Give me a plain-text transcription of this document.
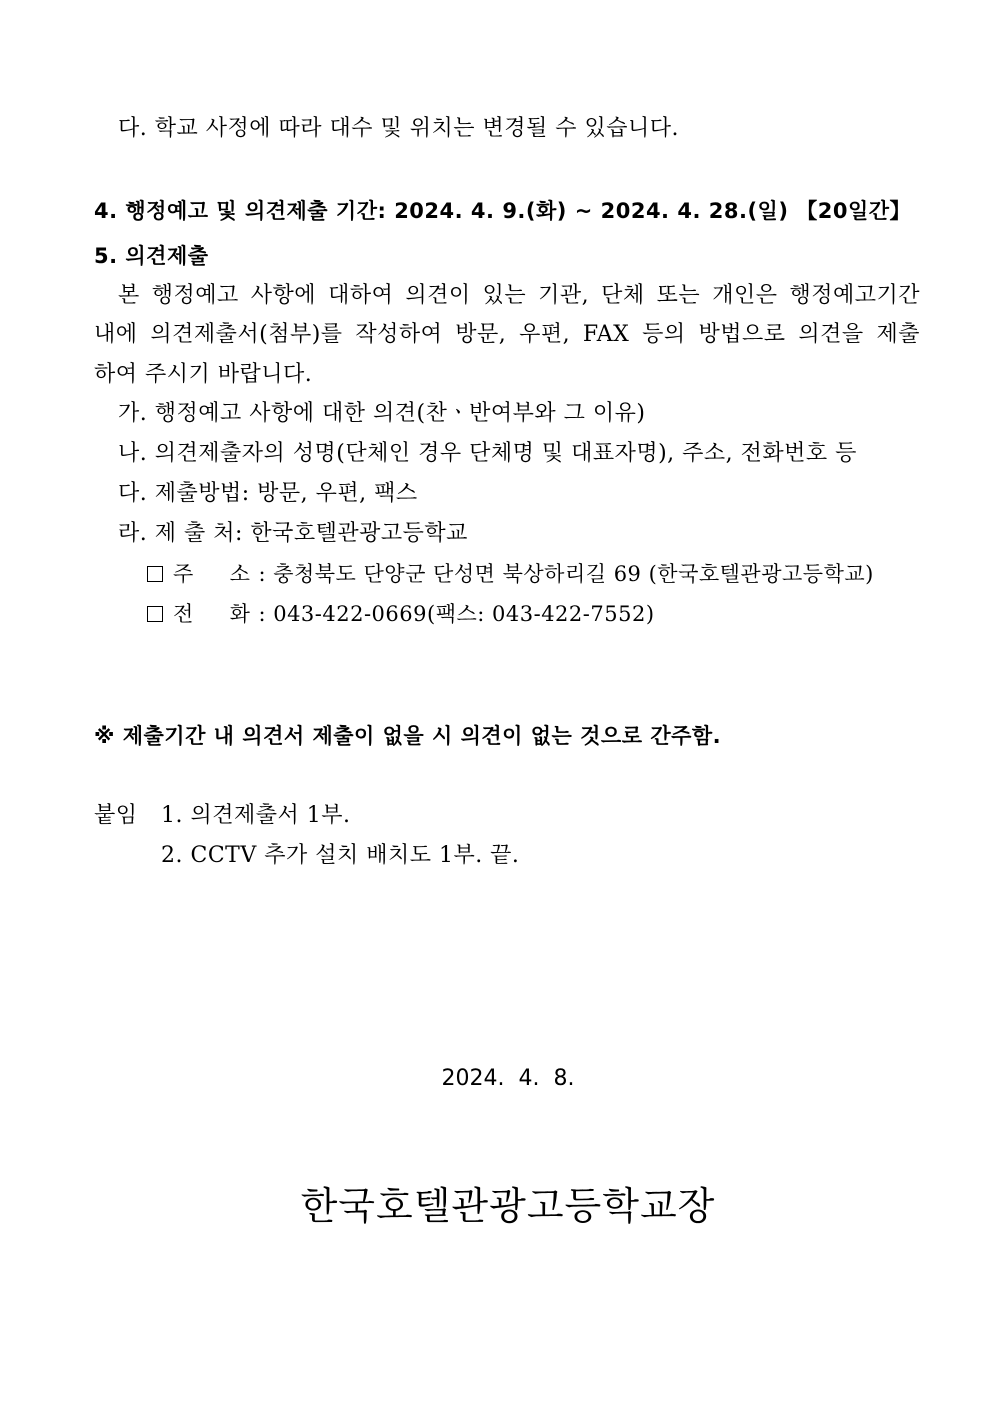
다. 학교 사정에 따라 대수 및 위치는 변경될 수 있습니다.
4. 행정예고 및 의견제출 기간: 2024. 4. 9.(화) ~ 2024. 4. 28.(일) 【20일간】
5. 의견제출
본 행정예고 사항에 대하여 의견이 있는 기관, 단체 또는 개인은 행정예고기간
내에 의견제출서(첨부)를 작성하여 방문, 우편, FAX 등의 방법으로 의견을 제출
하여 주시기 바랍니다.
가. 행정예고 사항에 대한 의견(찬ㆍ반여부와 그 이유)
나. 의견제출자의 성명(단체인 경우 단체명 및 대표자명), 주소, 전화번호 등
다. 제출방법: 방문, 우편, 팩스
라. 제 출 처: 한국호텔관광고등학교
주     소 : 충청북도 단양군 단성면 북상하리길 69 (한국호텔관광고등학교)
전     화 : 043-422-0669(팩스: 043-422-7552)
※ 제출기간 내 의견서 제출이 없을 시 의견이 없는 것으로 간주함.
붙임 1. 의견제출서 1부.
2. CCTV 추가 설치 배치도 1부. 끝.
2024.  4.  8.
한국호텔관광고등학교장
